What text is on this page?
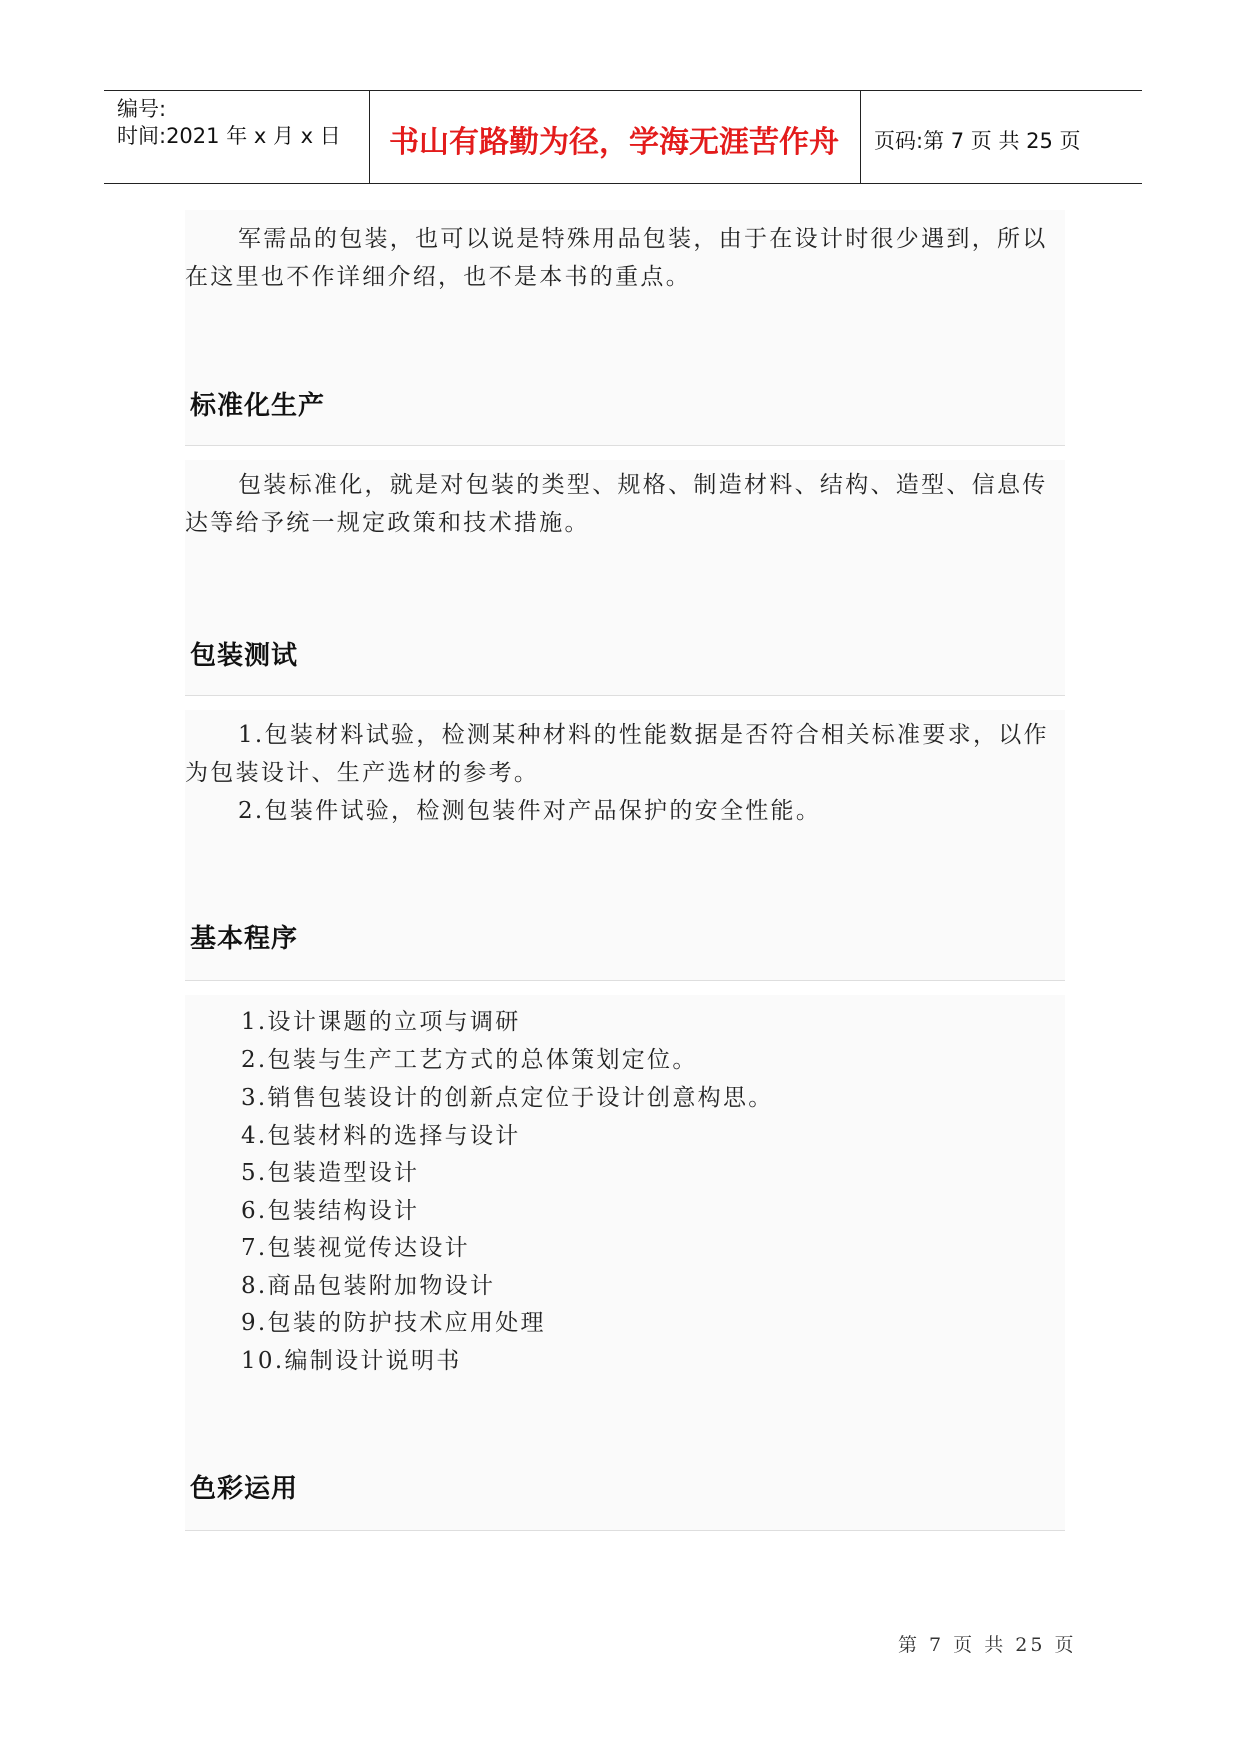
编号:
时间:2021 年 x 月 x 日	书山有路勤为径，学海无涯苦作舟	页码:第 7 页 共 25 页

军需品的包装，也可以说是特殊用品包装，由于在设计时很少遇到，所以在这里也不作详细介绍，也不是本书的重点。

标准化生产

包装标准化，就是对包装的类型、规格、制造材料、结构、造型、信息传达等给予统一规定政策和技术措施。

包装测试

1.包装材料试验，检测某种材料的性能数据是否符合相关标准要求，以作为包装设计、生产选材的参考。

2.包装件试验，检测包装件对产品保护的安全性能。

基本程序
色彩运用
1.设计课题的立项与调研
2.包装与生产工艺方式的总体策划定位。
3.销售包装设计的创新点定位于设计创意构思。
4.包装材料的选择与设计
5.包装造型设计
6.包装结构设计
7.包装视觉传达设计
8.商品包装附加物设计
9.包装的防护技术应用处理
10.编制设计说明书
第 7 页 共 25 页
